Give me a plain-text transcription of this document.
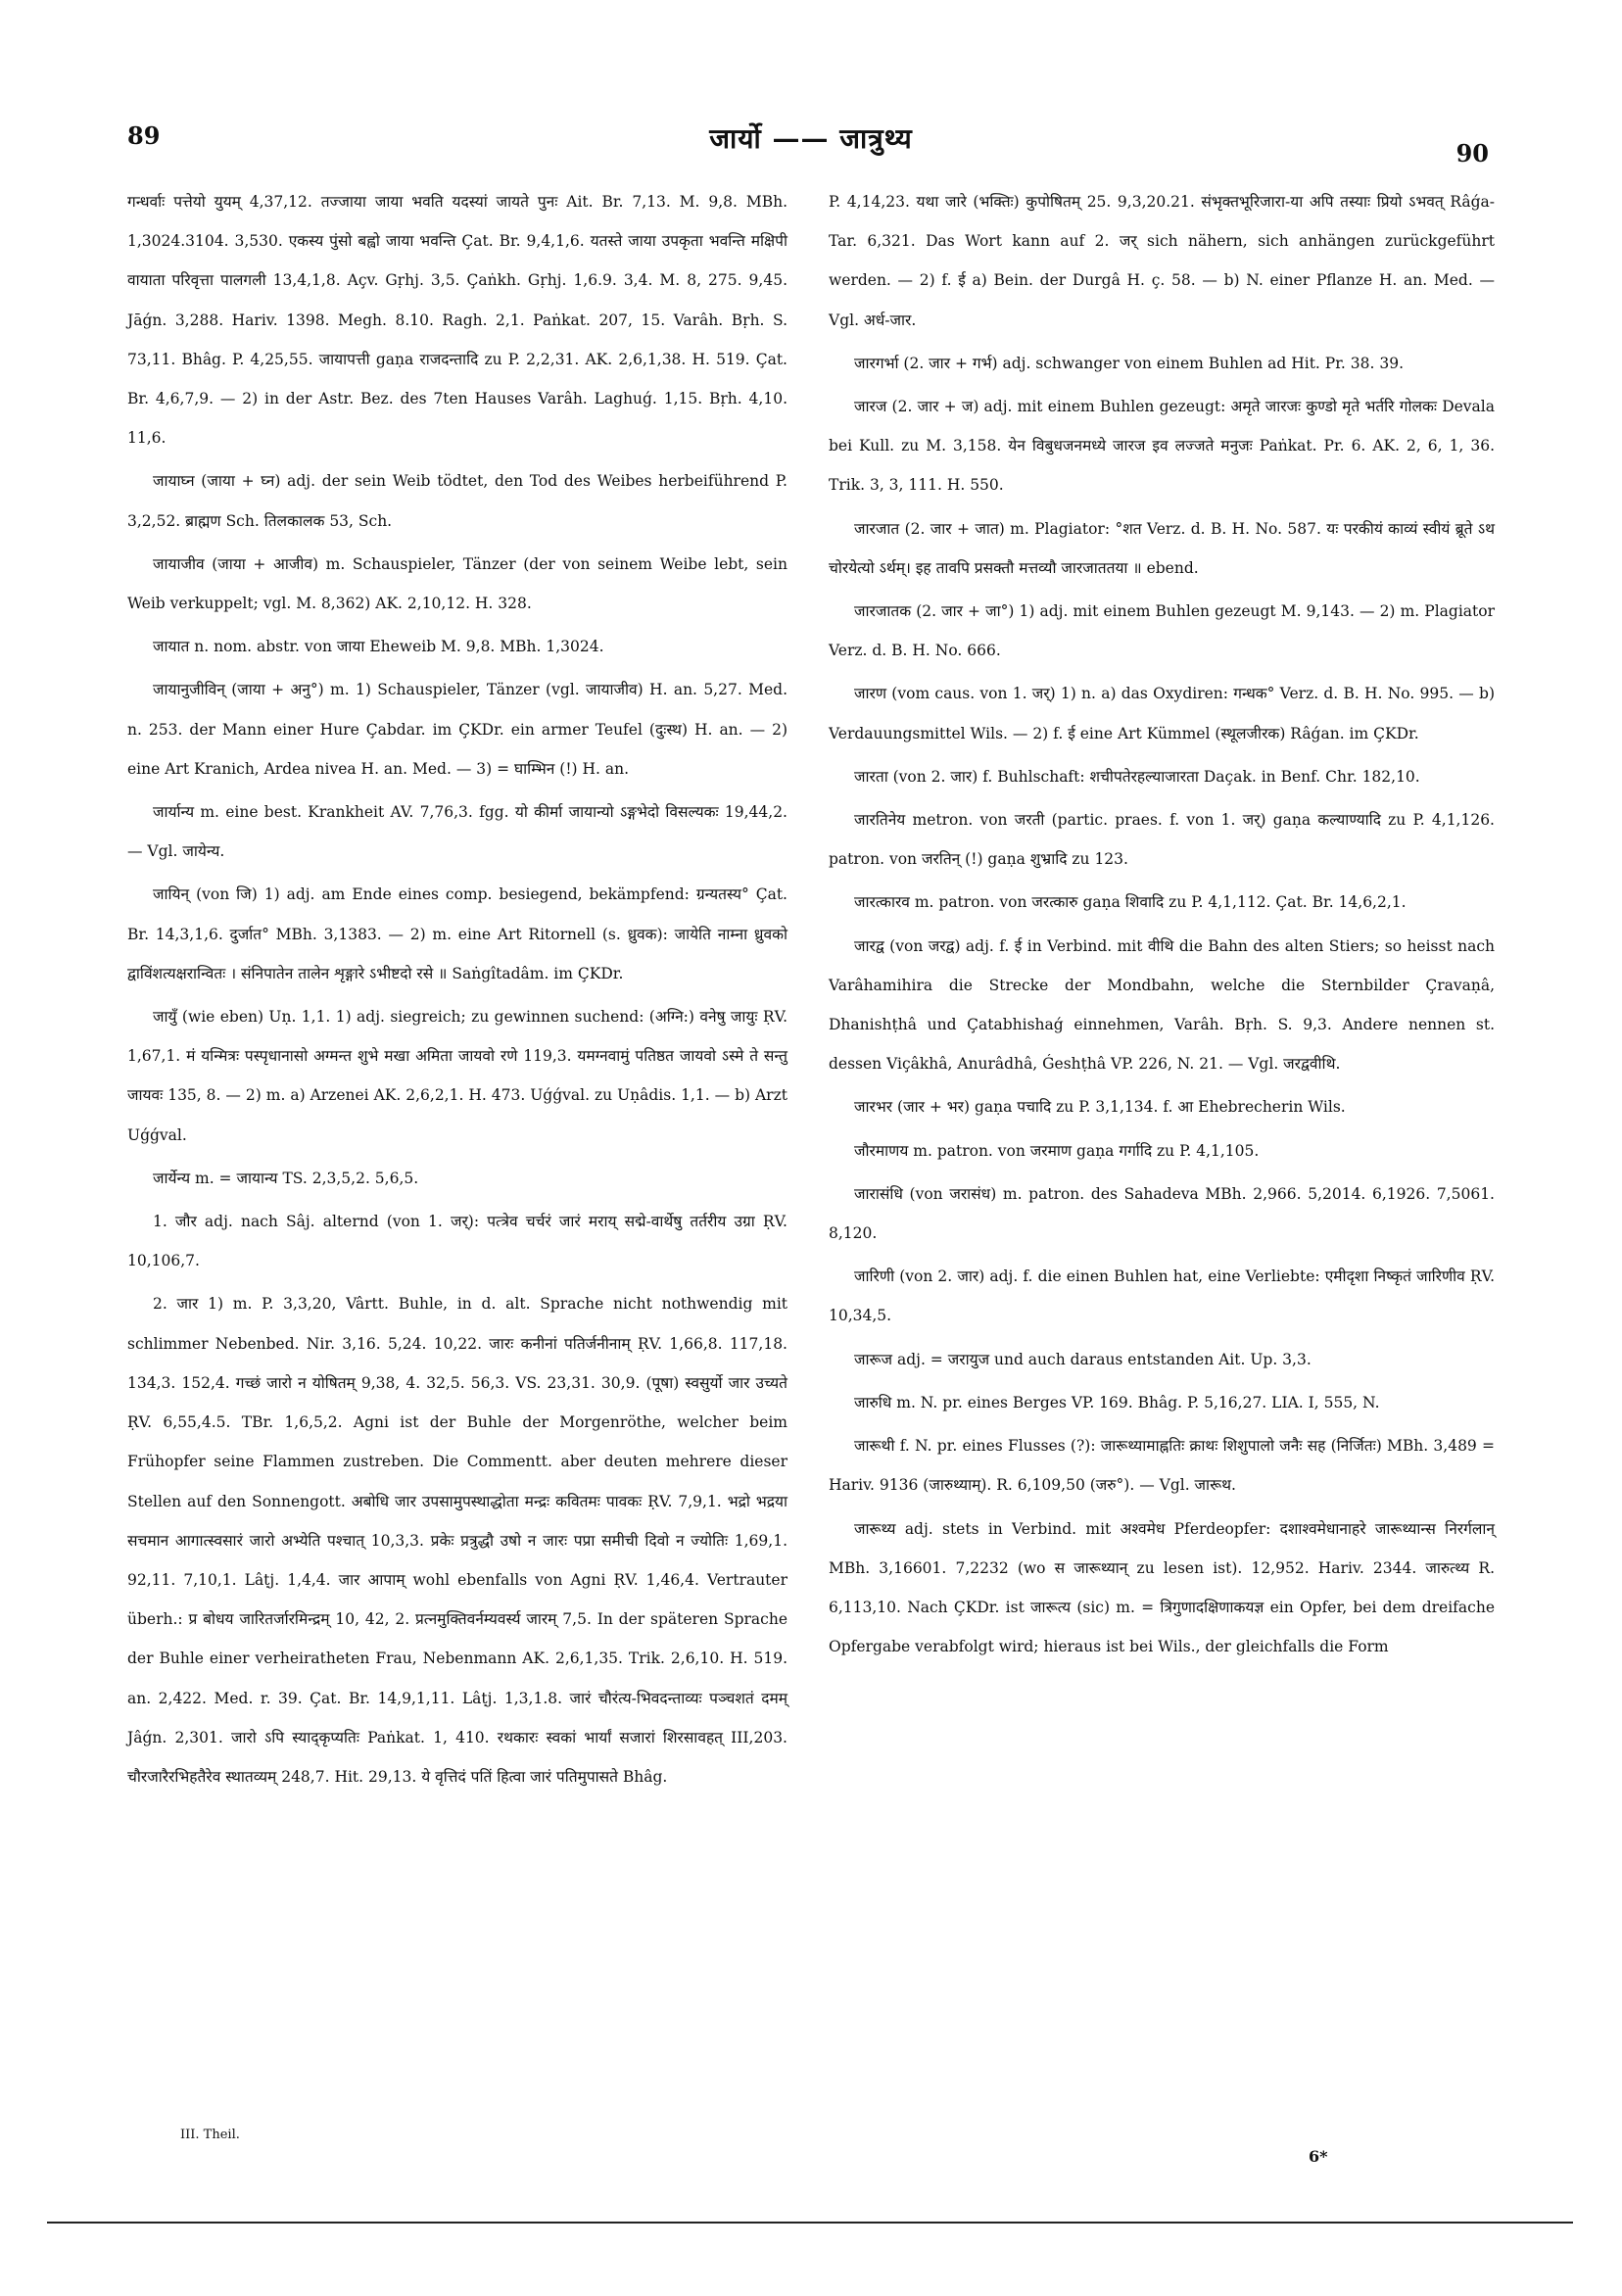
89	जार्यो —— जात्रुथ्य	90

गन्धर्वाः पत्तेयो युयम् 4,37,12. तज्जाया जाया भवति यदस्यां जायते पुनः Ait. Br. 7,13. M. 9,8. MBh. 1,3024.3104. 3,530. एकस्य पुंसो बह्वो जाया भवन्ति Çat. Br. 9,4,1,6. यतस्ते जाया उपकृता भवन्ति मक्षिपी वायाता परिवृत्ता पालगली 13,4,1,8. Açv. Gṛhj. 3,5. Çaṅkh. Gṛhj. 1,6.9. 3,4. M. 8, 275. 9,45. Jāǵn. 3,288. Hariv. 1398. Megh. 8.10. Ragh. 2,1. Paṅkat. 207, 15. Varâh. Bṛh. S. 73,11. Bhâg. P. 4,25,55. जायापत्ती gaṇa राजदन्तादि zu P. 2,2,31. AK. 2,6,1,38. H. 519. Çat. Br. 4,6,7,9. — 2) in der Astr. Bez. des 7ten Hauses Varâh. Laghuǵ. 1,15. Bṛh. 4,10. 11,6.

जायाघ्न (जाया + घ्न) adj. der sein Weib tödtet, den Tod des Weibes herbeiführend P. 3,2,52. ब्राह्मण Sch. तिलकालक 53, Sch.

जायाजीव (जाया + आजीव) m. Schauspieler, Tänzer (der von seinem Weibe lebt, sein Weib verkuppelt; vgl. M. 8,362) AK. 2,10,12. H. 328.

जायात n. nom. abstr. von जाया Eheweib M. 9,8. MBh. 1,3024.

जायानुजीविन् (जाया + अनु°) m. 1) Schauspieler, Tänzer (vgl. जायाजीव) H. an. 5,27. Med. n. 253. der Mann einer Hure Çabdar. im ÇKDr. ein armer Teufel (दुःस्थ) H. an. — 2) eine Art Kranich, Ardea nivea H. an. Med. — 3) = घाम्भिन (!) H. an.

जार्यान्य m. eine best. Krankheit AV. 7,76,3. fgg. यो कीर्मा जायान्यो ऽङ्गभेदो विसल्यकः 19,44,2. — Vgl. जायेन्य.

जायिन् (von जि) 1) adj. am Ende eines comp. besiegend, bekämpfend: ग्रन्यतस्य° Çat. Br. 14,3,1,6. दुर्जात° MBh. 3,1383. — 2) m. eine Art Ritornell (s. ध्रुवक): जायेति नाम्ना ध्रुवको द्वाविंशत्यक्षरान्वितः । संनिपातेन तालेन शृङ्गारे ऽभीष्टदो रसे ॥ Saṅgîtadâm. im ÇKDr.

जायुँ (wie eben) Uṇ. 1,1. 1) adj. siegreich; zu gewinnen suchend: (अग्नि:) वनेषु जायुः ṚV. 1,67,1. मं यन्मित्रः पस्पृधानासो अग्मन्त शुभे मखा अमिता जायवो रणे 119,3. यमग्नवामुं पतिष्ठत जायवो ऽस्मे ते सन्तु जायवः 135, 8. — 2) m. a) Arzenei AK. 2,6,2,1. H. 473. Uǵǵval. zu Uṇâdis. 1,1. — b) Arzt Uǵǵval.

जार्येन्य m. = जायान्य TS. 2,3,5,2. 5,6,5.

1. जौर adj. nach Sâj. alternd (von 1. जर्): पत्त्रेव चर्चरं जारं मराय् सद्मे-वार्थेषु तर्तरीय उग्रा ṚV. 10,106,7.

2. जार 1) m. P. 3,3,20, Vârtt. Buhle, in d. alt. Sprache nicht nothwendig mit schlimmer Nebenbed. Nir. 3,16. 5,24. 10,22. जारः कनीनां पतिर्जनीनाम् ṚV. 1,66,8. 117,18. 134,3. 152,4. गच्छं जारो न योषितम् 9,38, 4. 32,5. 56,3. VS. 23,31. 30,9. (पूषा) स्वसुर्यो जार उच्यते ṚV. 6,55,4.5. TBr. 1,6,5,2. Agni ist der Buhle der Morgenröthe, welcher beim Frühopfer seine Flammen zustreben. Die Commentt. aber deuten mehrere dieser Stellen auf den Sonnengott. अबोधि जार उपसामुपस्थाद्धोता मन्द्रः कवितमः पावकः ṚV. 7,9,1. भद्रो भद्रया सचमान आगात्स्वसारं जारो अभ्येति पश्चात् 10,3,3. प्रकेः प्रत्रुद्धौ उषो न जारः पप्रा समीची दिवो न ज्योतिः 1,69,1. 92,11. 7,10,1. Lâṭj. 1,4,4. जार आपाम् wohl ebenfalls von Agni ṚV. 1,46,4. Vertrauter überh.: प्र बोधय जारितर्जारमिन्द्रम् 10, 42, 2. प्रत्नमुक्तिवर्नम्यवर्स्य जारम् 7,5. In der späteren Sprache der Buhle einer verheiratheten Frau, Nebenmann AK. 2,6,1,35. Trik. 2,6,10. H. 519. an. 2,422. Med. r. 39. Çat. Br. 14,9,1,11. Lâṭj. 1,3,1.8. जारं चौरंत्य-भिवदन्ताव्यः पञ्चशतं दमम् Jâǵn. 2,301. जारो ऽपि स्याद्कृप्यतिः Paṅkat. 1, 410. रथकारः स्वकां भार्यां सजारां शिरसावहत् III,203. चौरजारैरभिहतैरेव स्थातव्यम् 248,7. Hit. 29,13. ये वृत्तिदं पतिं हित्वा जारं पतिमुपासते Bhâg.

P. 4,14,23. यथा जारे (भक्तिः) कुपोषितम् 25. 9,3,20.21. संभृक्तभूरिजारा-या अपि तस्याः प्रियो ऽभवत् Râǵa-Tar. 6,321. Das Wort kann auf 2. जर् sich nähern, sich anhängen zurückgeführt werden. — 2) f. ई a) Bein. der Durgâ H. ç. 58. — b) N. einer Pflanze H. an. Med. — Vgl. अर्ध-जार.

जारगर्भा (2. जार + गर्भ) adj. schwanger von einem Buhlen ad Hit. Pr. 38. 39.

जारज (2. जार + ज) adj. mit einem Buhlen gezeugt: अमृते जारजः कुण्डो मृते भर्तरि गोलकः Devala bei Kull. zu M. 3,158. येन विबुधजनमध्ये जारज इव लज्जते मनुजः Paṅkat. Pr. 6. AK. 2, 6, 1, 36. Trik. 3, 3, 111. H. 550.

जारजात (2. जार + जात) m. Plagiator: °शत Verz. d. B. H. No. 587. यः परकीयं काव्यं स्वीयं ब्रूते ऽथ चोरयेत्यो ऽर्थम्। इह तावपि प्रसक्तौ मत्तव्यौ जारजाततया ॥ ebend.

जारजातक (2. जार + जा°) 1) adj. mit einem Buhlen gezeugt M. 9,143. — 2) m. Plagiator Verz. d. B. H. No. 666.

जारण (vom caus. von 1. जर्) 1) n. a) das Oxydiren: गन्धक° Verz. d. B. H. No. 995. — b) Verdauungsmittel Wils. — 2) f. ई eine Art Kümmel (स्थूलजीरक) Râǵan. im ÇKDr.

जारता (von 2. जार) f. Buhlschaft: शचीपतेरहल्याजारता Daçak. in Benf. Chr. 182,10.

जारतिनेय metron. von जरती (partic. praes. f. von 1. जर्) gaṇa कल्याण्यादि zu P. 4,1,126. patron. von जरतिन् (!) gaṇa शुभ्रादि zu 123.

जारत्कारव m. patron. von जरत्कारु gaṇa शिवादि zu P. 4,1,112. Çat. Br. 14,6,2,1.

जारद्व (von जरद्व) adj. f. ई in Verbind. mit वीथि die Bahn des alten Stiers; so heisst nach Varâhamihira die Strecke der Mondbahn, welche die Sternbilder Çravaṇâ, Dhanishṭhâ und Çatabhishaǵ einnehmen, Varâh. Bṛh. S. 9,3. Andere nennen st. dessen Viçâkhâ, Anurâdhâ, Ǵeshṭhâ VP. 226, N. 21. — Vgl. जरद्ववीथि.

जारभर (जार + भर) gaṇa पचादि zu P. 3,1,134. f. आ Ehebrecherin Wils.

जौरमाणय m. patron. von जरमाण gaṇa गर्गादि zu P. 4,1,105.

जारासंधि (von जरासंध) m. patron. des Sahadeva MBh. 2,966. 5,2014. 6,1926. 7,5061. 8,120.

जारिणी (von 2. जार) adj. f. die einen Buhlen hat, eine Verliebte: एमीदृशा निष्कृतं जारिणीव ṚV. 10,34,5.

जारूज adj. = जरायुज und auch daraus entstanden Ait. Up. 3,3.

जारुधि m. N. pr. eines Berges VP. 169. Bhâg. P. 5,16,27. LIA. I, 555, N.

जारूथी f. N. pr. eines Flusses (?): जारूथ्यामाह्नतिः क्राथः शिशुपालो जनैः सह (निर्जितः) MBh. 3,489 = Hariv. 9136 (जारुथ्याम्). R. 6,109,50 (जरु°). — Vgl. जारूथ.

जारूथ्य adj. stets in Verbind. mit अश्वमेध Pferdeopfer: दशाश्वमेधानाहरे जारूथ्यान्स निरर्गलान् MBh. 3,16601. 7,2232 (wo स जारूथ्यान् zu lesen ist). 12,952. Hariv. 2344. जारुत्थ्य R. 6,113,10. Nach ÇKDr. ist जारूत्य (sic) m. = त्रिगुणादक्षिणाकयज्ञ ein Opfer, bei dem dreifache Opfergabe verabfolgt wird; hieraus ist bei Wils., der gleichfalls die Form

III. Theil.
6*
